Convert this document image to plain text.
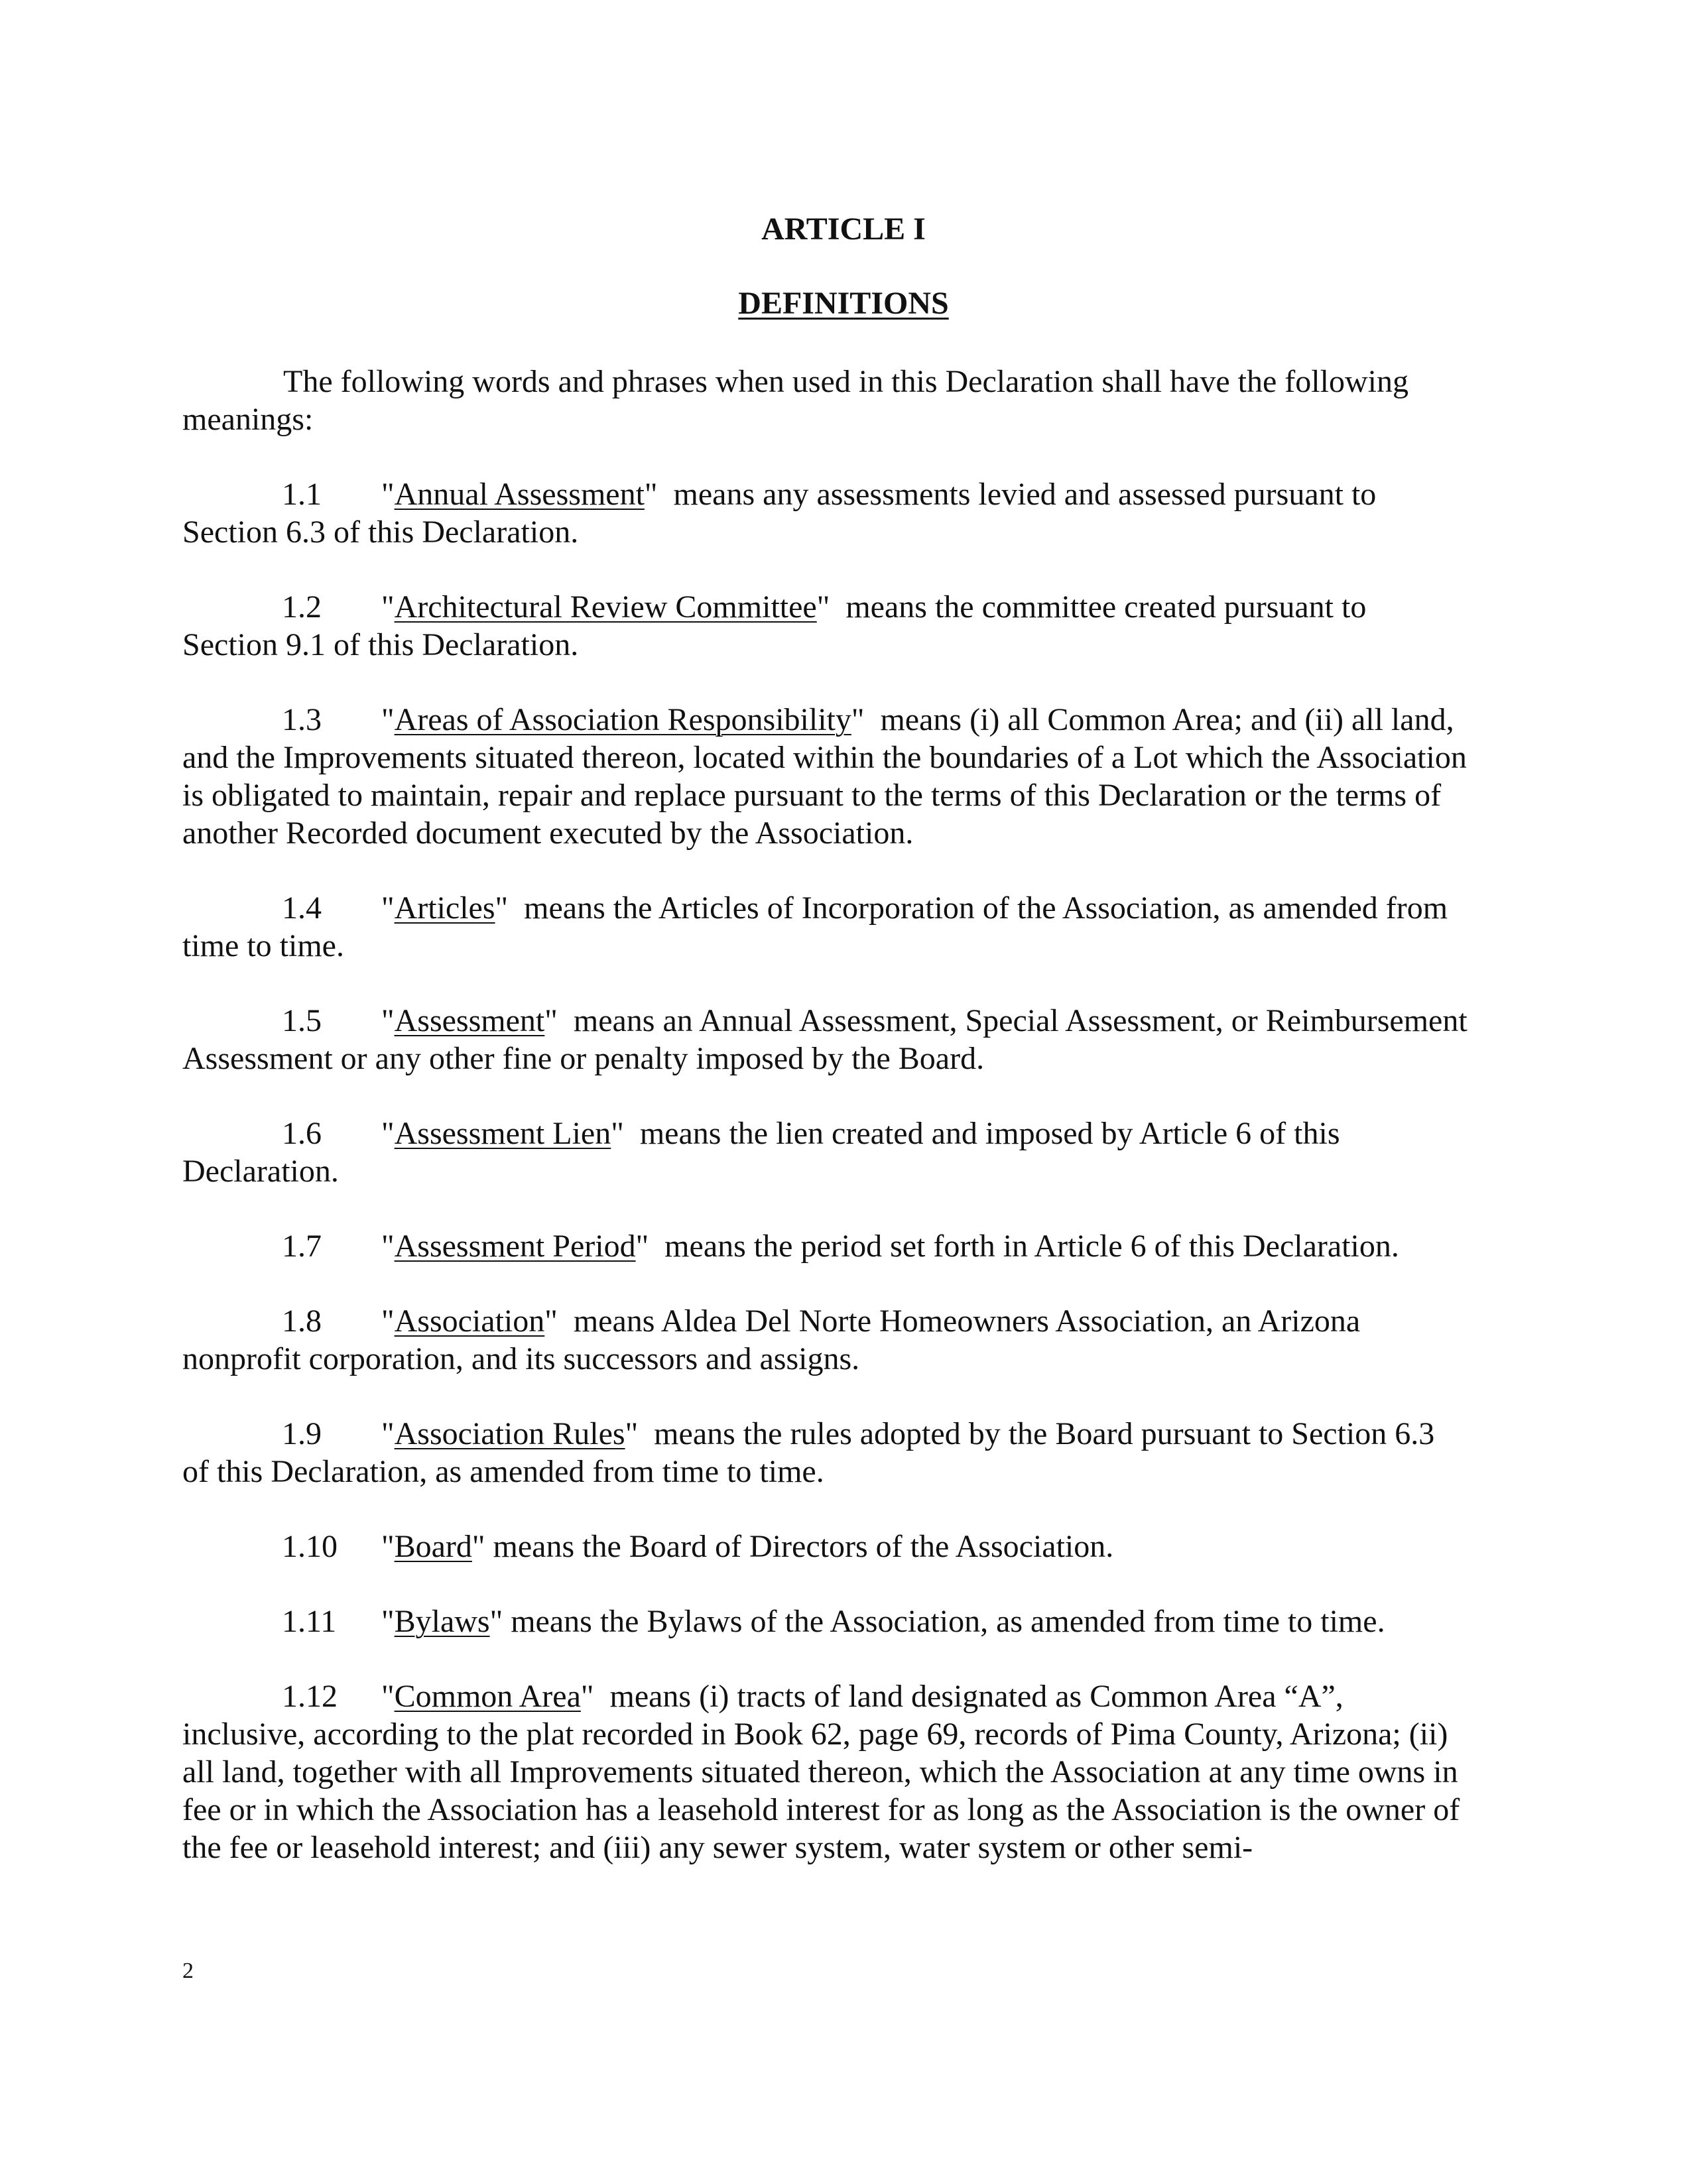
ARTICLE I
DEFINITIONS

The following words and phrases when used in this Declaration shall have the following meanings:

1.1 "Annual Assessment"  means any assessments levied and assessed pursuant to Section 6.3 of this Declaration.

1.2 "Architectural Review Committee"  means the committee created pursuant to Section 9.1 of this Declaration.

1.3 "Areas of Association Responsibility"  means (i) all Common Area; and (ii) all land, and the Improvements situated thereon, located within the boundaries of a Lot which the Association is obligated to maintain, repair and replace pursuant to the terms of this Declaration or the terms of another Recorded document executed by the Association.

1.4 "Articles"  means the Articles of Incorporation of the Association, as amended from time to time.

1.5 "Assessment"  means an Annual Assessment, Special Assessment, or Reimbursement Assessment or any other fine or penalty imposed by the Board.

1.6 "Assessment Lien"  means the lien created and imposed by Article 6 of this Declaration.

1.7 "Assessment Period"  means the period set forth in Article 6 of this Declaration.

1.8 "Association"  means Aldea Del Norte Homeowners Association, an Arizona nonprofit corporation, and its successors and assigns.

1.9 "Association Rules"  means the rules adopted by the Board pursuant to Section 6.3 of this Declaration, as amended from time to time.

1.10 "Board" means the Board of Directors of the Association.

1.11 "Bylaws" means the Bylaws of the Association, as amended from time to time.

1.12 "Common Area"  means (i) tracts of land designated as Common Area “A”, inclusive, according to the plat recorded in Book 62, page 69, records of Pima County, Arizona; (ii) all land, together with all Improvements situated thereon, which the Association at any time owns in fee or in which the Association has a leasehold interest for as long as the Association is the owner of the fee or leasehold interest; and (iii) any sewer system, water system or other semi-

2
